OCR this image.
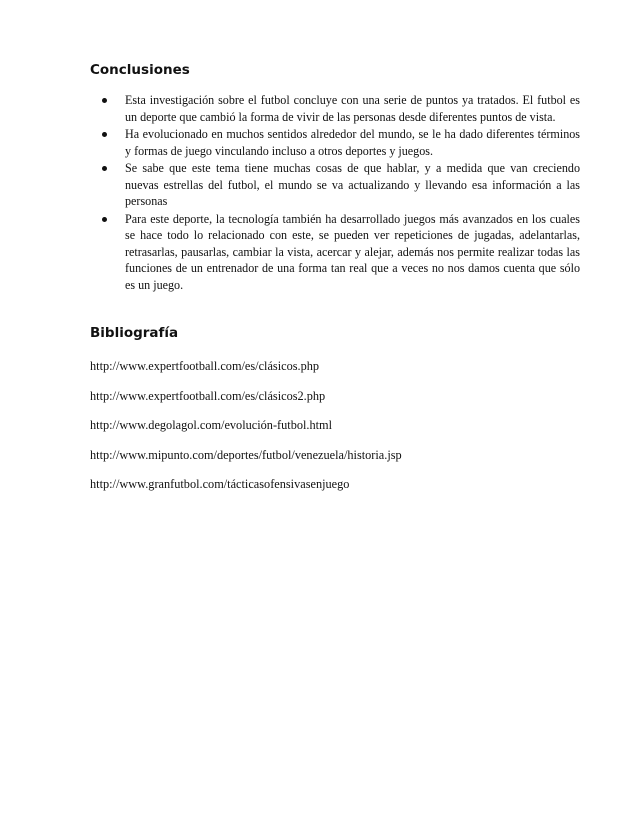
Conclusiones
Esta investigación sobre el futbol concluye con una serie de puntos ya tratados. El futbol es un deporte que cambió la forma de vivir de las personas desde diferentes puntos de vista.
Ha evolucionado en muchos sentidos alrededor del mundo, se le ha dado diferentes términos y formas de juego vinculando incluso a otros deportes y juegos.
Se sabe que este tema tiene muchas cosas de que hablar, y a medida que van creciendo nuevas estrellas del futbol, el mundo se va actualizando y llevando esa información a las personas
Para este deporte, la tecnología también ha desarrollado juegos más avanzados en los cuales se hace todo lo relacionado con este, se pueden ver repeticiones de jugadas, adelantarlas, retrasarlas, pausarlas, cambiar la vista, acercar y alejar, además nos permite realizar todas las funciones de un entrenador de una forma tan real que a veces no nos damos cuenta que sólo es un juego.
Bibliografía
http://www.expertfootball.com/es/clásicos.php
http://www.expertfootball.com/es/clásicos2.php
http://www.degolagol.com/evolución-futbol.html
http://www.mipunto.com/deportes/futbol/venezuela/historia.jsp
http://www.granfutbol.com/tácticasofensivasenjuego
